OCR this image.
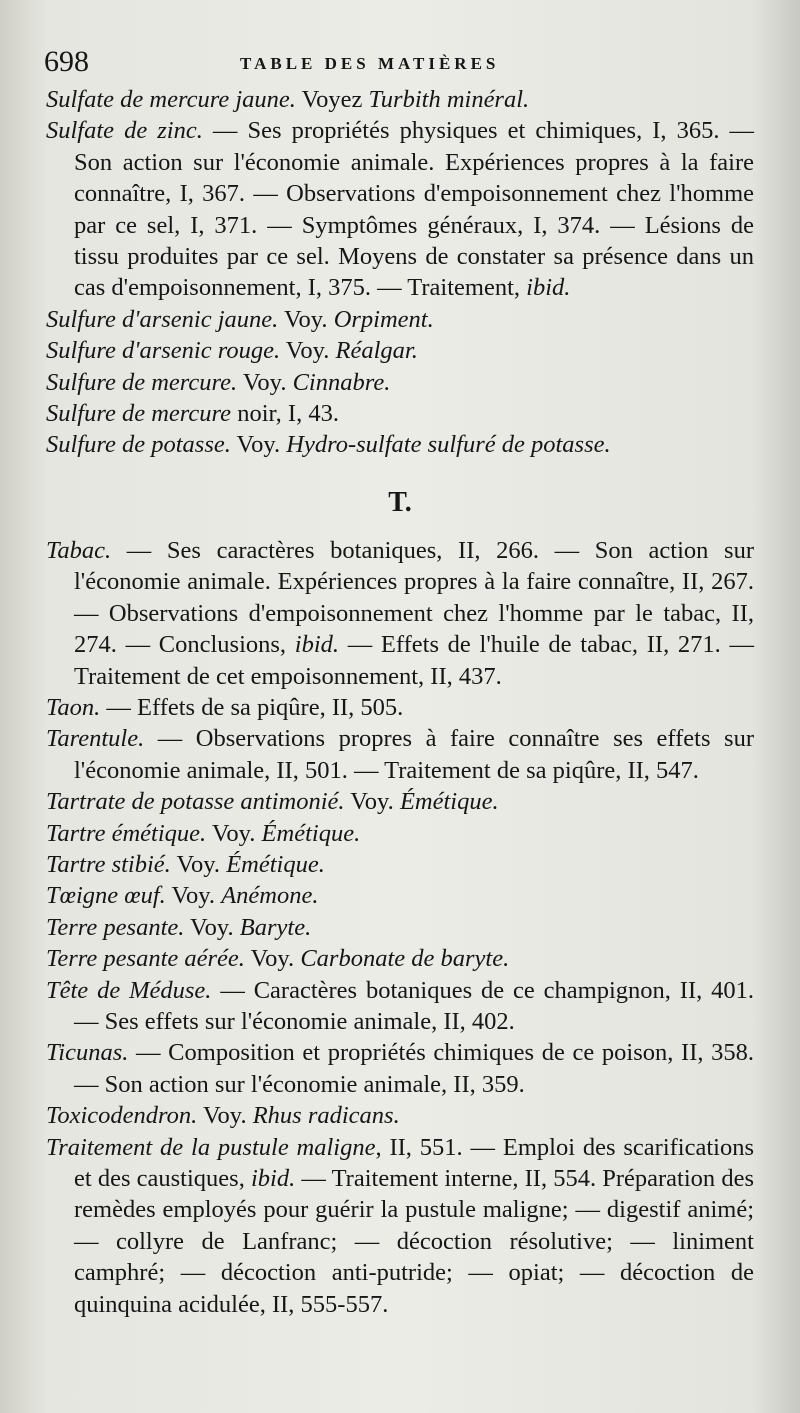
698	TABLE DES MATIÈRES

Sulfate de mercure jaune. Voyez Turbith minéral.

Sulfate de zinc. — Ses propriétés physiques et chimiques, I, 365. — Son action sur l'économie animale. Expériences propres à la faire connaître, I, 367. — Observations d'empoisonnement chez l'homme par ce sel, I, 371. — Symptômes généraux, I, 374. — Lésions de tissu produites par ce sel. Moyens de constater sa présence dans un cas d'empoisonnement, I, 375. — Traitement, ibid.

Sulfure d'arsenic jaune. Voy. Orpiment.

Sulfure d'arsenic rouge. Voy. Réalgar.

Sulfure de mercure. Voy. Cinnabre.

Sulfure de mercure noir, I, 43.

Sulfure de potasse. Voy. Hydro-sulfate sulfuré de potasse.

T.

Tabac. — Ses caractères botaniques, II, 266. — Son action sur l'économie animale. Expériences propres à la faire connaître, II, 267. — Observations d'empoisonnement chez l'homme par le tabac, II, 274. — Conclusions, ibid. — Effets de l'huile de tabac, II, 271. — Traitement de cet empoisonnement, II, 437.

Taon. — Effets de sa piqûre, II, 505.

Tarentule. — Observations propres à faire connaître ses effets sur l'économie animale, II, 501. — Traitement de sa piqûre, II, 547.

Tartrate de potasse antimonié. Voy. Émétique.

Tartre émétique. Voy. Émétique.

Tartre stibié. Voy. Émétique.

Tœigne œuf. Voy. Anémone.

Terre pesante. Voy. Baryte.

Terre pesante aérée. Voy. Carbonate de baryte.

Tête de Méduse. — Caractères botaniques de ce champignon, II, 401. — Ses effets sur l'économie animale, II, 402.

Ticunas. — Composition et propriétés chimiques de ce poison, II, 358. — Son action sur l'économie animale, II, 359.

Toxicodendron. Voy. Rhus radicans.

Traitement de la pustule maligne, II, 551. — Emploi des scarifications et des caustiques, ibid. — Traitement interne, II, 554. Préparation des remèdes employés pour guérir la pustule maligne; — digestif animé; — collyre de Lanfranc; — décoction résolutive; — liniment camphré; — décoction anti-putride; — opiat; — décoction de quinquina acidulée, II, 555-557.
